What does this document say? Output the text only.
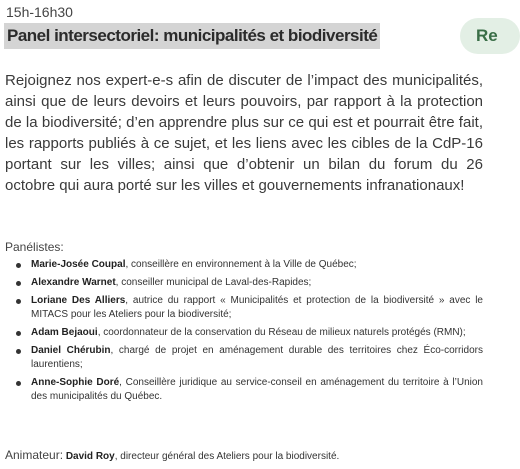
15h-16h30
Panel intersectoriel: municipalités et biodiversité	Re

Rejoignez nos expert-e-s afin de discuter de l’impact des municipalités, ainsi que de leurs devoirs et leurs pouvoirs, par rapport à la protection de la biodiversité; d’en apprendre plus sur ce qui est et pourrait être fait, les rapports publiés à ce sujet, et les liens avec les cibles de la CdP-16 portant sur les villes; ainsi que d’obtenir un bilan du forum du 26 octobre qui aura porté sur les villes et gouvernements infranationaux!

Panélistes:
Marie-Josée Coupal, conseillère en environnement à la Ville de Québec;
Alexandre Warnet, conseiller municipal de Laval-des-Rapides;
Loriane Des Alliers, autrice du rapport « Municipalités et protection de la biodiversité » avec le MITACS pour les Ateliers pour la biodiversité;
Adam Bejaoui, coordonnateur de la conservation du Réseau de milieux naturels protégés (RMN);
Daniel Chérubin, chargé de projet en aménagement durable des territoires chez Éco-corridors laurentiens;
Anne-Sophie Doré, Conseillère juridique au service-conseil en aménagement du territoire à l’Union des municipalités du Québec.
Animateur: David Roy, directeur général des Ateliers pour la biodiversité.
